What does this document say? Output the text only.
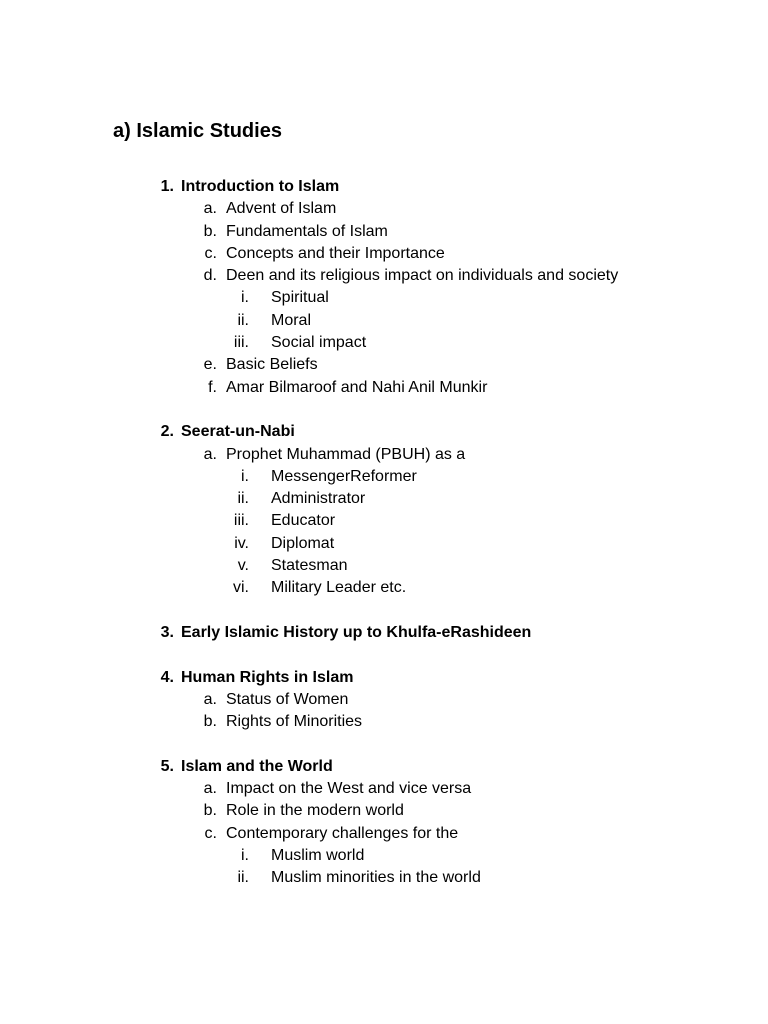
a) Islamic Studies
1. Introduction to Islam
a. Advent of Islam
b. Fundamentals of Islam
c. Concepts and their Importance
d. Deen and its religious impact on individuals and society
i. Spiritual
ii. Moral
iii. Social impact
e. Basic Beliefs
f. Amar Bilmaroof and Nahi Anil Munkir
2. Seerat-un-Nabi
a. Prophet Muhammad (PBUH) as a
i. MessengerReformer
ii. Administrator
iii. Educator
iv. Diplomat
v. Statesman
vi. Military Leader etc.
3. Early Islamic History up to Khulfa-eRashideen
4. Human Rights in Islam
a. Status of Women
b. Rights of Minorities
5. Islam and the World
a. Impact on the West and vice versa
b. Role in the modern world
c. Contemporary challenges for the
i. Muslim world
ii. Muslim minorities in the world
